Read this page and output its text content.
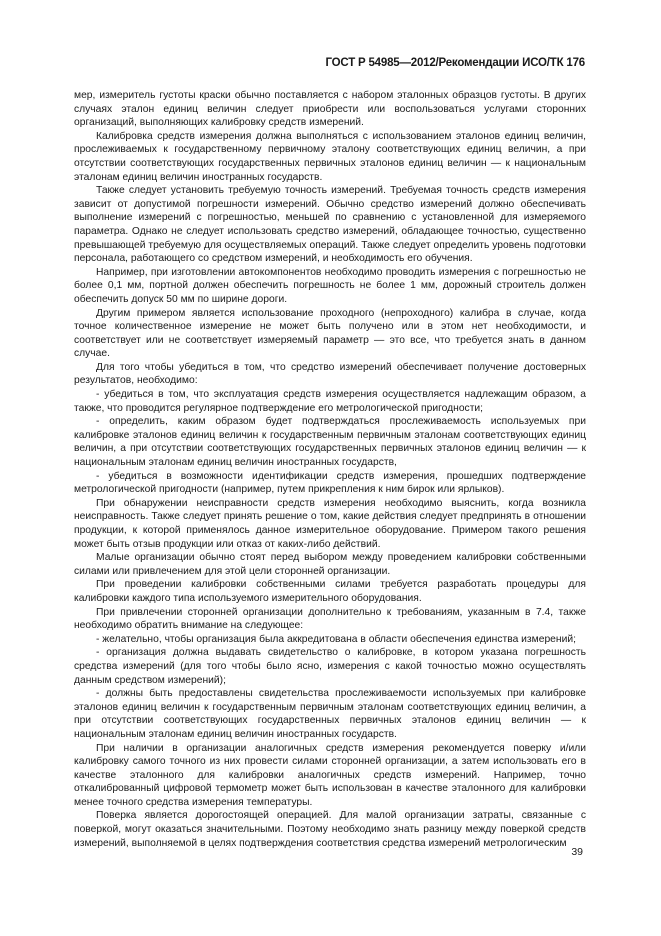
ГОСТ Р 54985—2012/Рекомендации ИСО/ТК 176

мер, измеритель густоты краски обычно поставляется с набором эталонных образцов густоты. В других случаях эталон единиц величин следует приобрести или воспользоваться услугами сторонних организаций, выполняющих калибровку средств измерений.

Калибровка средств измерения должна выполняться с использованием эталонов единиц величин, прослеживаемых к государственному первичному эталону соответствующих единиц величин, а при отсутствии соответствующих государственных первичных эталонов единиц величин — к национальным эталонам единиц величин иностранных государств.

Также следует установить требуемую точность измерений. Требуемая точность средств измерения зависит от допустимой погрешности измерений. Обычно средство измерений должно обеспечивать выполнение измерений с погрешностью, меньшей по сравнению с установленной для измеряемого параметра. Однако не следует использовать средство измерений, обладающее точностью, существенно превышающей требуемую для осуществляемых операций. Также следует определить уровень подготовки персонала, работающего со средством измерений, и необходимость его обучения.

Например, при изготовлении автокомпонентов необходимо проводить измерения с погрешностью не более 0,1 мм, портной должен обеспечить погрешность не более 1 мм, дорожный строитель должен обеспечить допуск 50 мм по ширине дороги.

Другим примером является использование проходного (непроходного) калибра в случае, когда точное количественное измерение не может быть получено или в этом нет необходимости, и соответствует или не соответствует измеряемый параметр — это все, что требуется знать в данном случае.

Для того чтобы убедиться в том, что средство измерений обеспечивает получение достоверных результатов, необходимо:

- убедиться в том, что эксплуатация средств измерения осуществляется надлежащим образом, а также, что проводится регулярное подтверждение его метрологической пригодности;

- определить, каким образом будет подтверждаться прослеживаемость используемых при калибровке эталонов единиц величин к государственным первичным эталонам соответствующих единиц величин, а при отсутствии соответствующих государственных первичных эталонов единиц величин — к национальным эталонам единиц величин иностранных государств,

- убедиться в возможности идентификации средств измерения, прошедших подтверждение метрологической пригодности (например, путем прикрепления к ним бирок или ярлыков).

При обнаружении неисправности средств измерения необходимо выяснить, когда возникла неисправность. Также следует принять решение о том, какие действия следует предпринять в отношении продукции, к которой применялось данное измерительное оборудование. Примером такого решения может быть отзыв продукции или отказ от каких-либо действий.

Малые организации обычно стоят перед выбором между проведением калибровки собственными силами или привлечением для этой цели сторонней организации.

При проведении калибровки собственными силами требуется разработать процедуры для калибровки каждого типа используемого измерительного оборудования.

При привлечении сторонней организации дополнительно к требованиям, указанным в 7.4, также необходимо обратить внимание на следующее:

- желательно, чтобы организация была аккредитована в области обеспечения единства измерений;

- организация должна выдавать свидетельство о калибровке, в котором указана погрешность средства измерений (для того чтобы было ясно, измерения с какой точностью можно осуществлять данным средством измерений);

- должны быть предоставлены свидетельства прослеживаемости используемых при калибровке эталонов единиц величин к государственным первичным эталонам соответствующих единиц величин, а при отсутствии соответствующих государственных первичных эталонов единиц величин — к национальным эталонам единиц величин иностранных государств.

При наличии в организации аналогичных средств измерения рекомендуется поверку и/или калибровку самого точного из них провести силами сторонней организации, а затем использовать его в качестве эталонного для калибровки аналогичных средств измерений. Например, точно откалиброванный цифровой термометр может быть использован в качестве эталонного для калибровки менее точного средства измерения температуры.

Поверка является дорогостоящей операцией. Для малой организации затраты, связанные с поверкой, могут оказаться значительными. Поэтому необходимо знать разницу между поверкой средств измерений, выполняемой в целях подтверждения соответствия средства измерений метрологическим

39
